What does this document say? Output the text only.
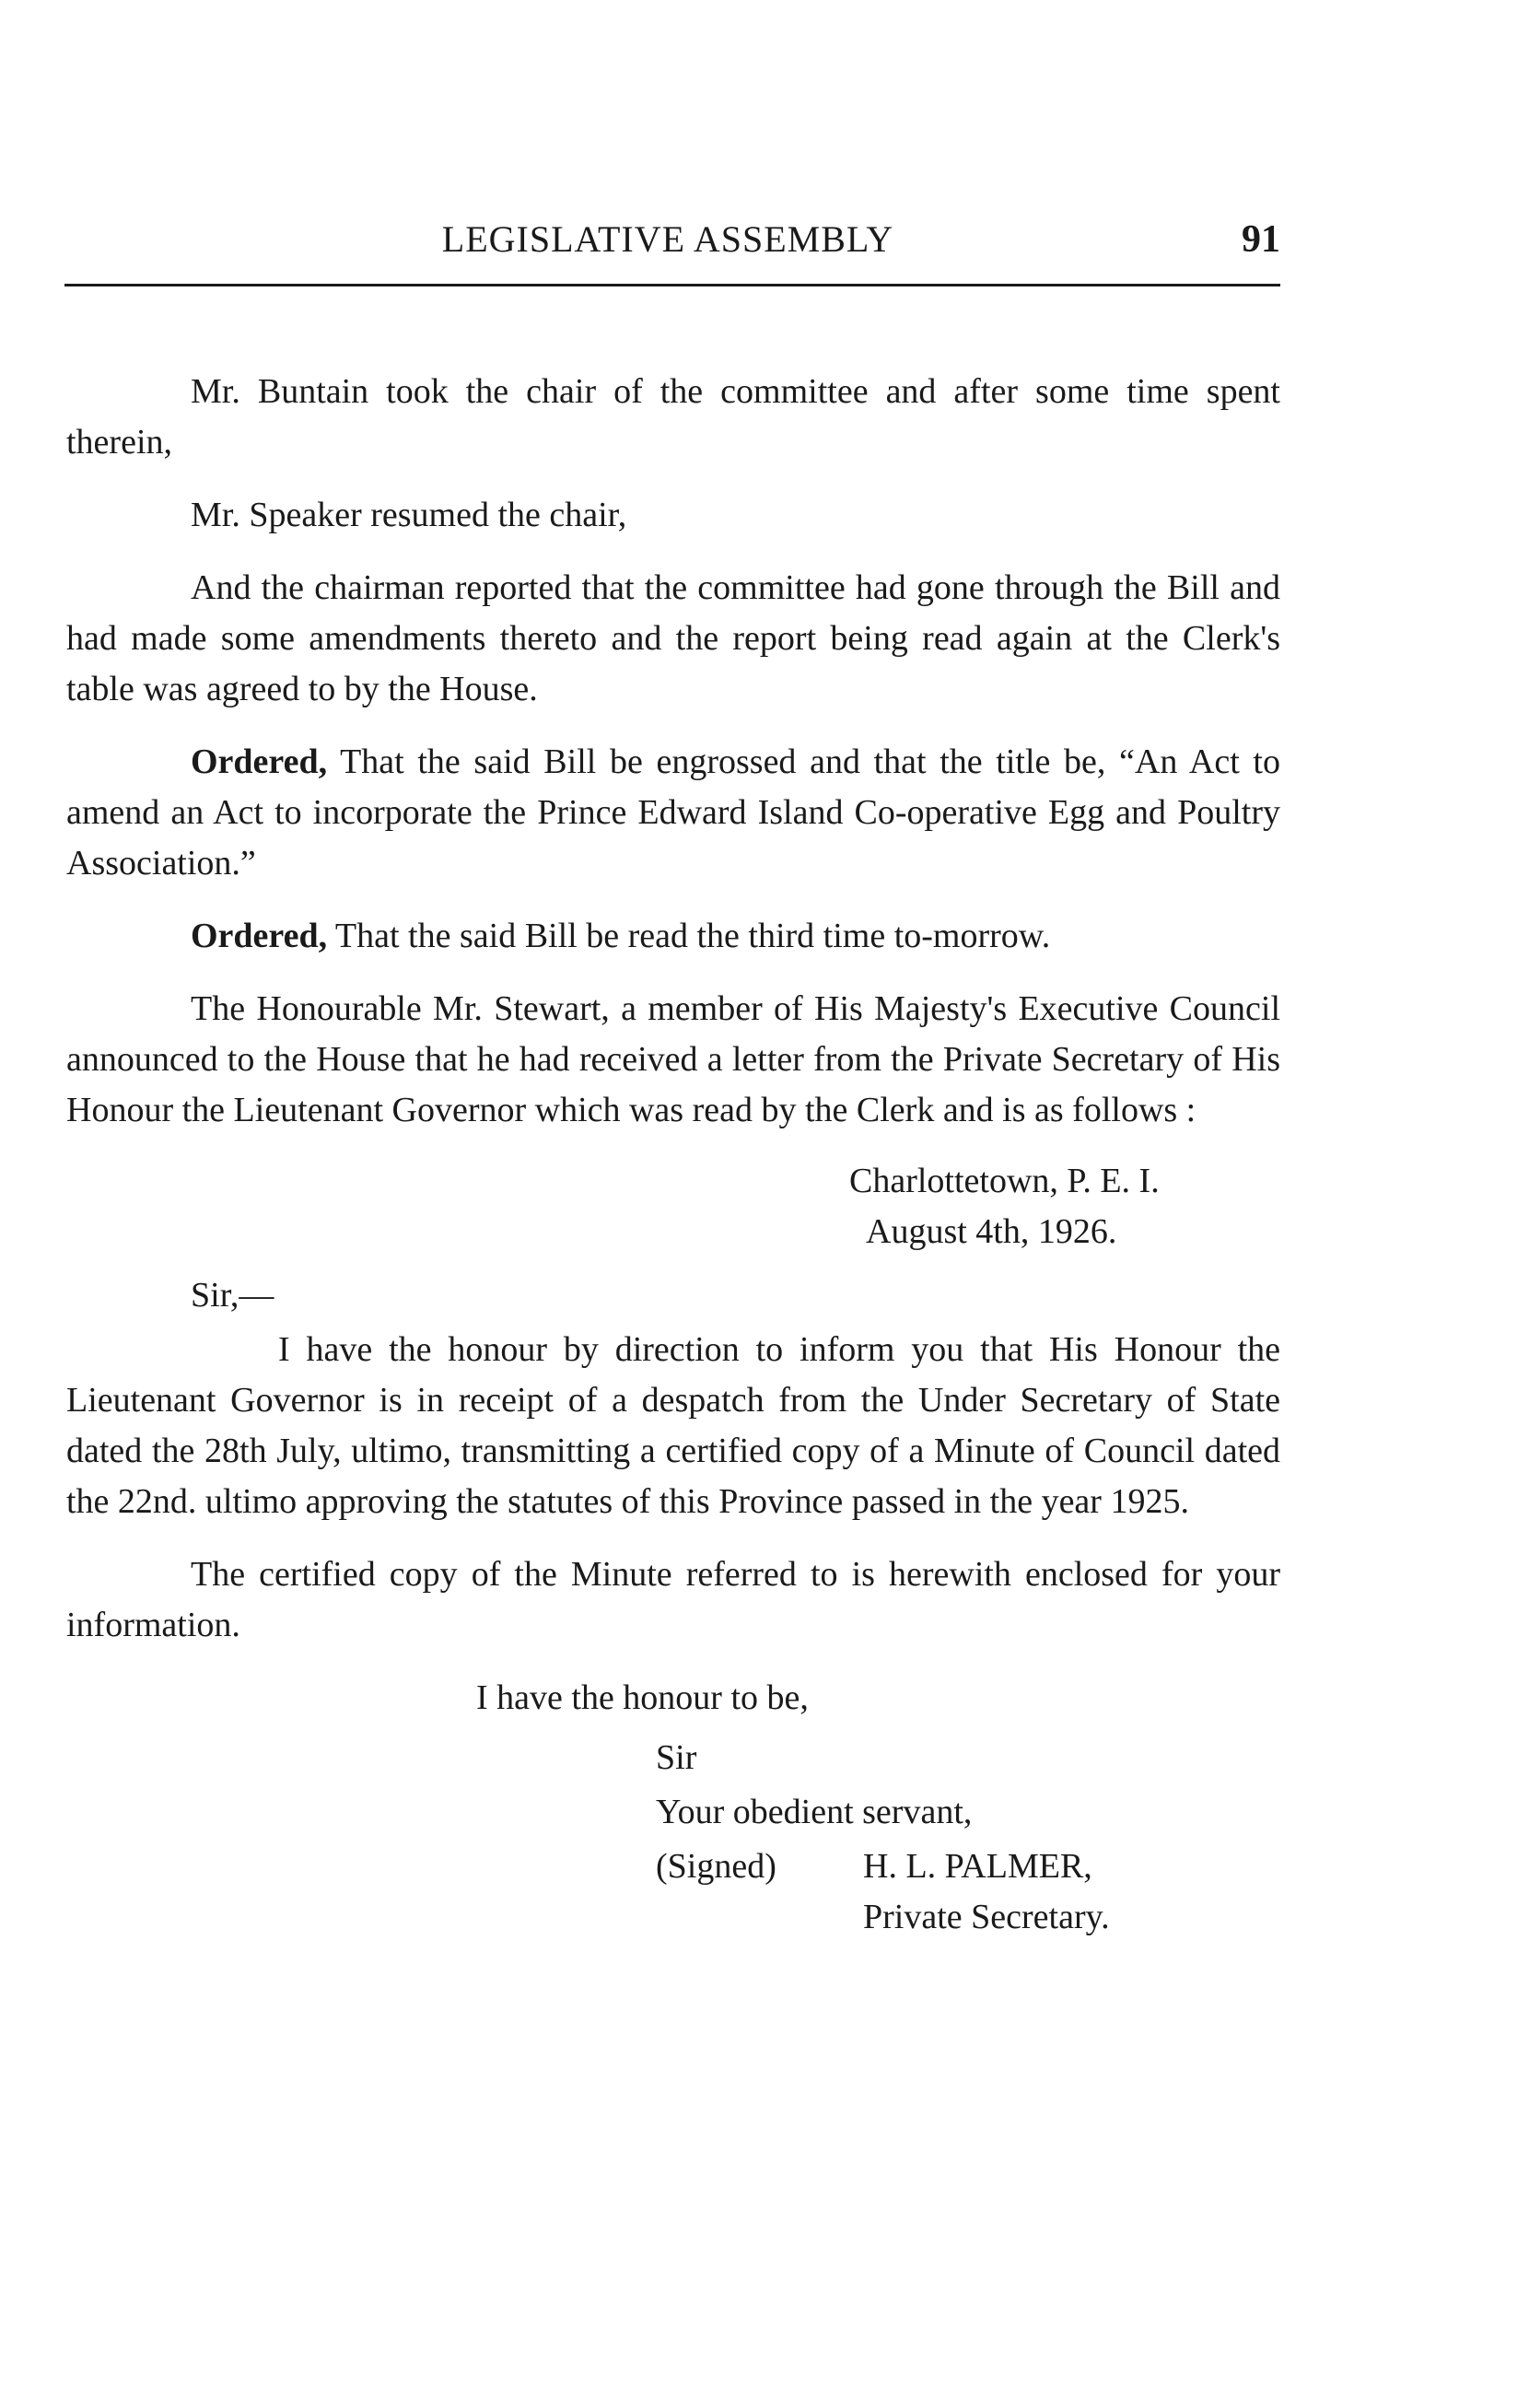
LEGISLATIVE ASSEMBLY	91

Mr. Buntain took the chair of the committee and after some time spent therein,

Mr. Speaker resumed the chair,

And the chairman reported that the committee had gone through the Bill and had made some amendments thereto and the report being read again at the Clerk's table was agreed to by the House.

Ordered, That the said Bill be engrossed and that the title be, “An Act to amend an Act to incorporate the Prince Edward Island Co-operative Egg and Poultry Association.”

Ordered, That the said Bill be read the third time to-morrow.

The Honourable Mr. Stewart, a member of His Majesty's Executive Council announced to the House that he had received a letter from the Private Secretary of His Honour the Lieutenant Governor which was read by the Clerk and is as follows :

Charlottetown, P. E. I.
August 4th, 1926.
Sir,—

I have the honour by direction to inform you that His Honour the Lieutenant Governor is in receipt of a despatch from the Under Secretary of State dated the 28th July, ultimo, transmitting a certified copy of a Minute of Council dated the 22nd. ultimo approving the statutes of this Province passed in the year 1925.

The certified copy of the Minute referred to is herewith enclosed for your information.

I have the honour to be,
Sir
Your obedient servant,
(Signed)	H. L. PALMER,
Private Secretary.
